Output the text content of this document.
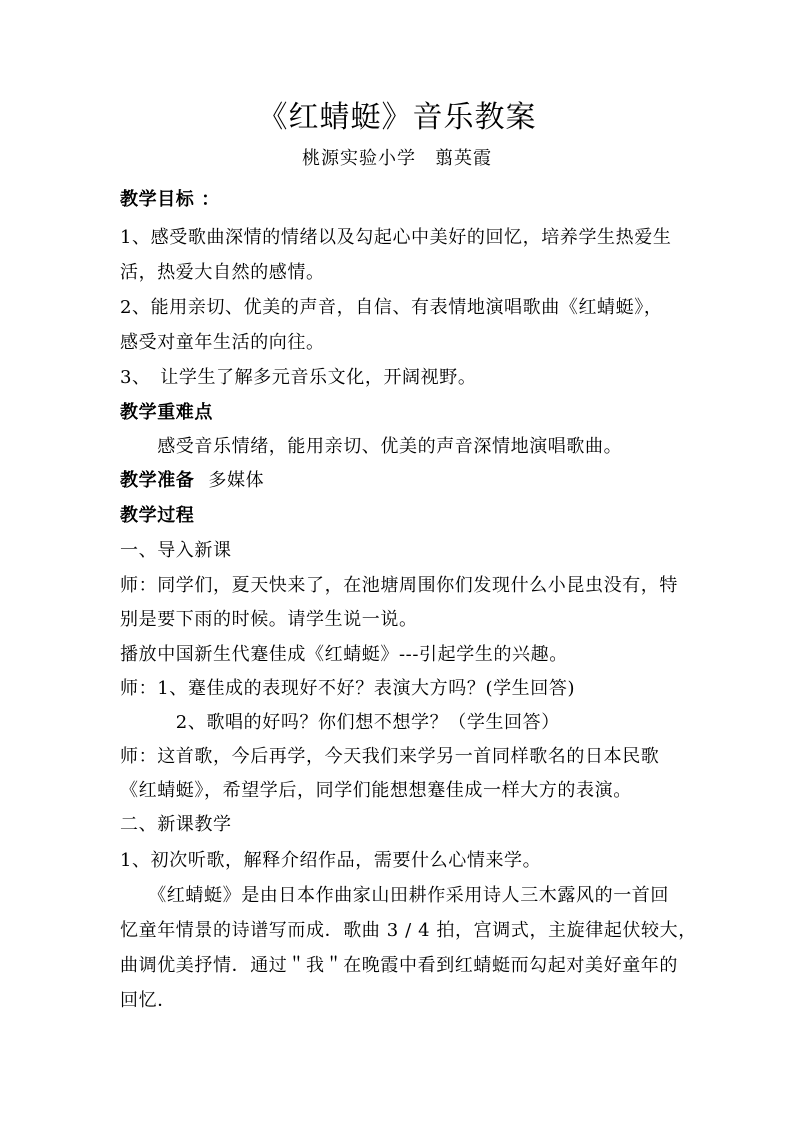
《红蜻蜓》音乐教案
桃源实验小学　翦英霞
教学目标 ：
1、感受歌曲深情的情绪以及勾起心中美好的回忆，培养学生热爱生
活，热爱大自然的感情。
2、能用亲切、优美的声音，自信、有表情地演唱歌曲《红蜻蜓》，
感受对童年生活的向往。
3、　让学生了解多元音乐文化，开阔视野。
教学重难点
　　感受音乐情绪，能用亲切、优美的声音深情地演唱歌曲。
教学准备 多媒体
教学过程
一、导入新课
师：同学们，夏天快来了，在池塘周围你们发现什么小昆虫没有，特
别是要下雨的时候。请学生说一说。
播放中国新生代蹇佳成《红蜻蜓》---引起学生的兴趣。
师：1、蹇佳成的表现好不好？表演大方吗？(学生回答)
　　　2、歌唱的好吗？你们想不想学？（学生回答）
师：这首歌，今后再学，今天我们来学另一首同样歌名的日本民歌
《红蜻蜓》，希望学后，同学们能想想蹇佳成一样大方的表演。
二、新课教学
1、初次听歌，解释介绍作品，需要什么心情来学。
　　《红蜻蜓》是由日本作曲家山田耕作采用诗人三木露风的一首回
忆童年情景的诗谱写而成．歌曲 3 / 4 拍，宫调式，主旋律起伏较大，
曲调优美抒情．通过＂我＂在晚霞中看到红蜻蜓而勾起对美好童年的
回忆．
